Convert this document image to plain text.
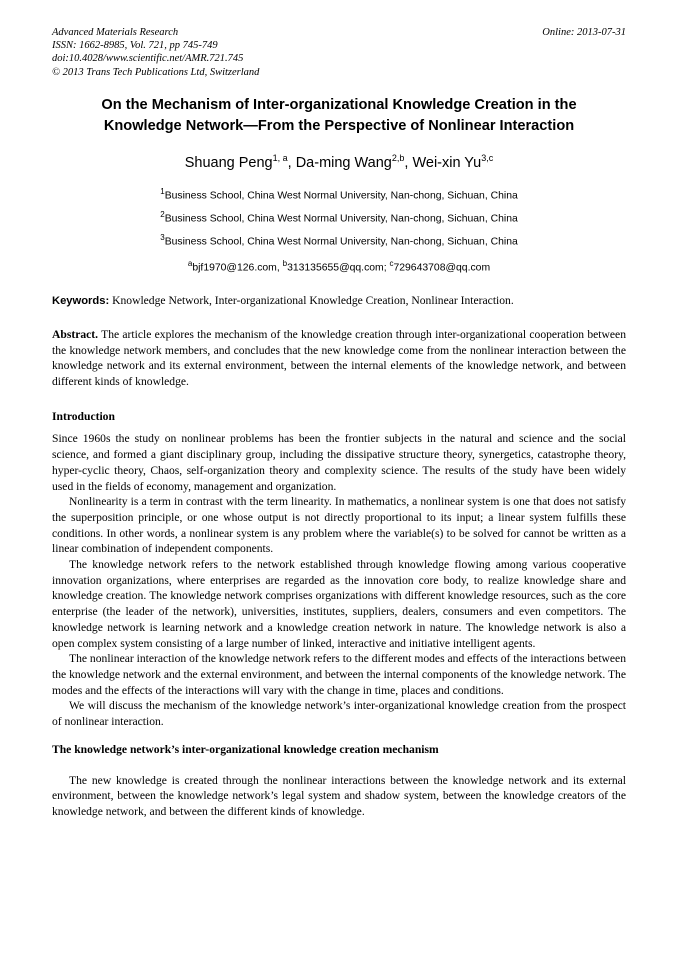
Advanced Materials Research
ISSN: 1662-8985, Vol. 721, pp 745-749
doi:10.4028/www.scientific.net/AMR.721.745
© 2013 Trans Tech Publications Ltd, Switzerland
Online: 2013-07-31
On the Mechanism of Inter-organizational Knowledge Creation in the Knowledge Network—From the Perspective of Nonlinear Interaction
Shuang Peng$^{1, a}$, Da-ming Wang$^{2,b}$, Wei-xin Yu$^{3,c}$
$^1$Business School, China West Normal University, Nan-chong, Sichuan, China
$^2$Business School, China West Normal University, Nan-chong, Sichuan, China
$^3$Business School, China West Normal University, Nan-chong, Sichuan, China
$^a$bjf1970@126.com, $^b$313135655@qq.com; $^c$729643708@qq.com
Keywords: Knowledge Network, Inter-organizational Knowledge Creation, Nonlinear Interaction.
Abstract. The article explores the mechanism of the knowledge creation through inter-organizational cooperation between the knowledge network members, and concludes that the new knowledge come from the nonlinear interaction between the knowledge network and its external environment, between the internal elements of the knowledge network, and between different kinds of knowledge.
Introduction

Since 1960s the study on nonlinear problems has been the frontier subjects in the natural and science and the social science, and formed a giant disciplinary group, including the dissipative structure theory, synergetics, catastrophe theory, hyper-cyclic theory, Chaos, self-organization theory and complexity science. The results of the study have been widely used in the fields of economy, management and organization.

Nonlinearity is a term in contrast with the term linearity. In mathematics, a nonlinear system is one that does not satisfy the superposition principle, or one whose output is not directly proportional to its input; a linear system fulfills these conditions. In other words, a nonlinear system is any problem where the variable(s) to be solved for cannot be written as a linear combination of independent components.

The knowledge network refers to the network established through knowledge flowing among various cooperative innovation organizations, where enterprises are regarded as the innovation core body, to realize knowledge share and knowledge creation. The knowledge network comprises organizations with different knowledge resources, such as the core enterprise (the leader of the network), universities, institutes, suppliers, dealers, consumers and even competitors. The knowledge network is learning network and a knowledge creation network in nature. The knowledge network is also a open complex system consisting of a large number of linked, interactive and initiative intelligent agents.

The nonlinear interaction of the knowledge network refers to the different modes and effects of the interactions between the knowledge network and the external environment, and between the internal components of the knowledge network. The modes and the effects of the interactions will vary with the change in time, places and conditions.

We will discuss the mechanism of the knowledge network’s inter-organizational knowledge creation from the prospect of nonlinear interaction.

The knowledge network’s inter-organizational knowledge creation mechanism

The new knowledge is created through the nonlinear interactions between the knowledge network and its external environment, between the knowledge network’s legal system and shadow system, between the knowledge creators of the knowledge network, and between the different kinds of knowledge.
